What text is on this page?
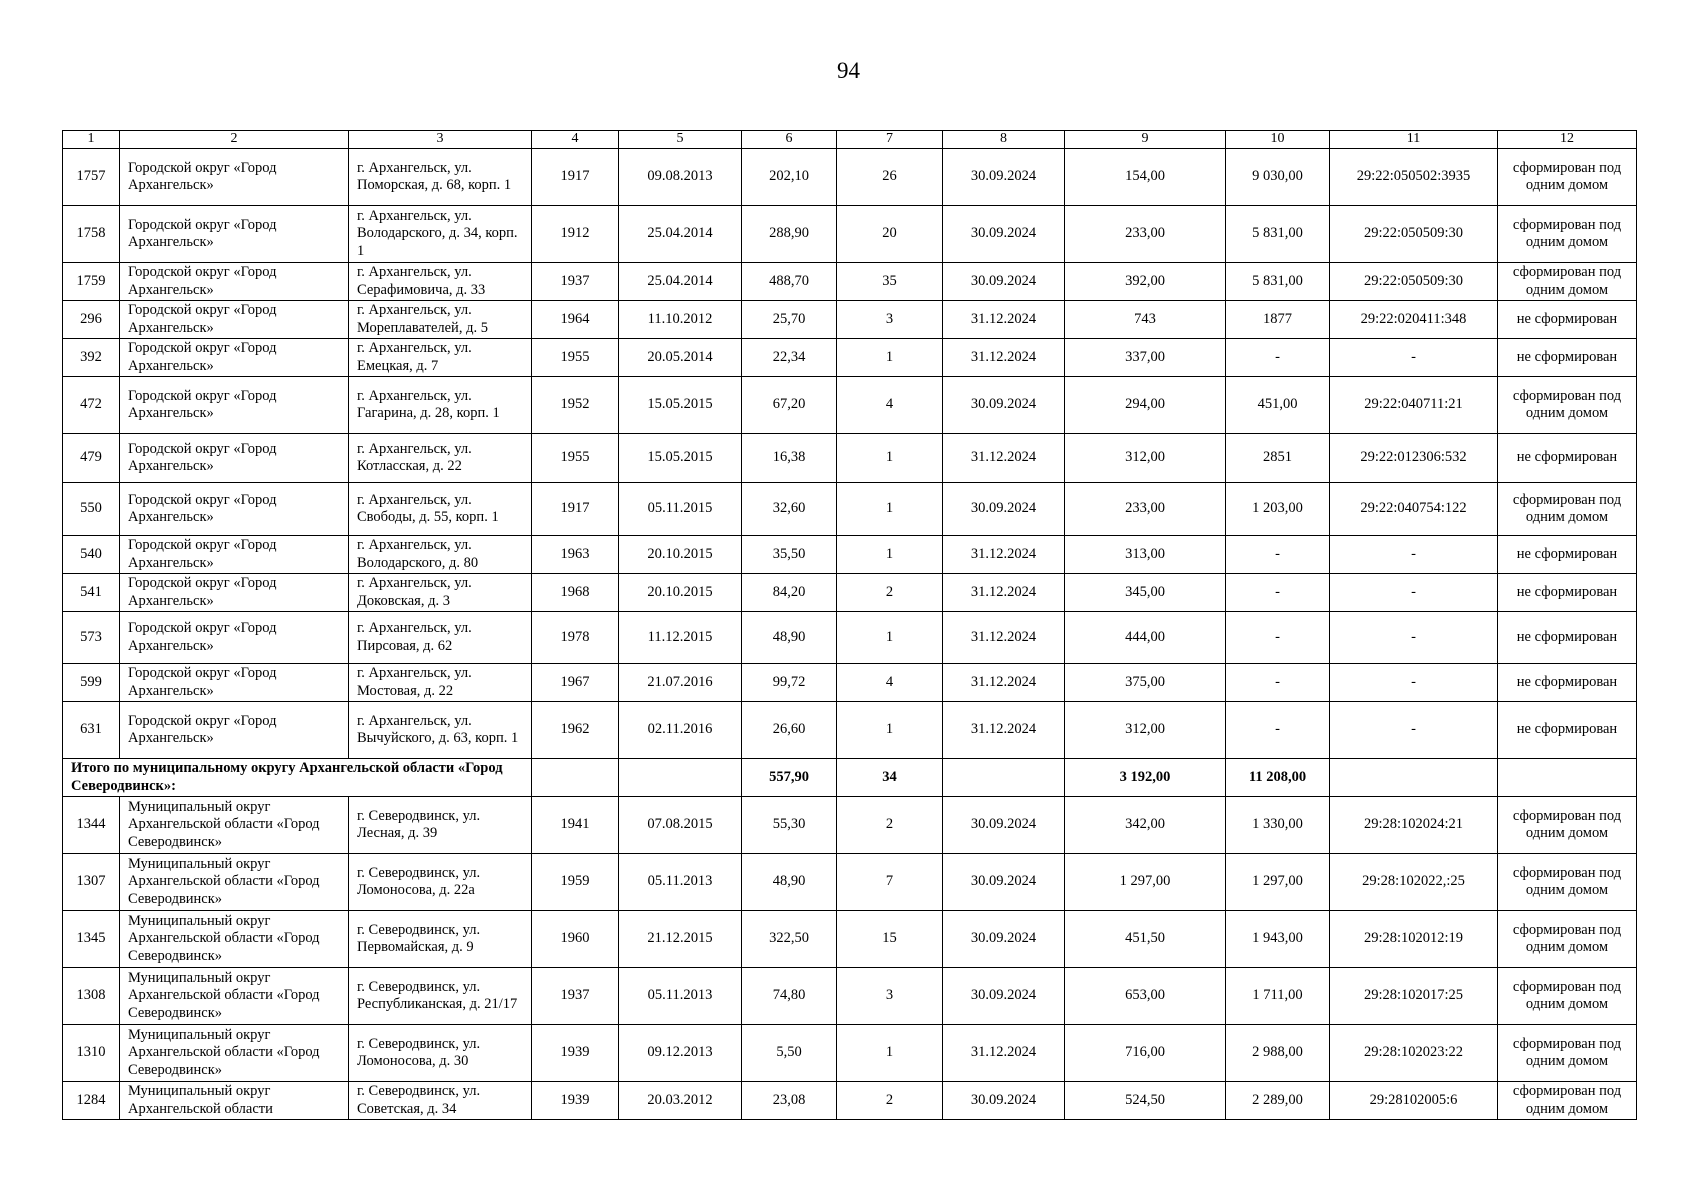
94
1	2	3	4	5	6	7	8	9	10	11	12
1757	Городской округ «Город Архангельск»	г. Архангельск, ул. Поморская, д. 68, корп. 1	1917	09.08.2013	202,10	26	30.09.2024	154,00	9 030,00	29:22:050502:3935	сформирован под одним домом
1758	Городской округ «Город Архангельск»	г. Архангельск, ул. Володарского, д. 34, корп. 1	1912	25.04.2014	288,90	20	30.09.2024	233,00	5 831,00	29:22:050509:30	сформирован под одним домом
1759	Городской округ «Город Архангельск»	г. Архангельск, ул. Серафимовича, д. 33	1937	25.04.2014	488,70	35	30.09.2024	392,00	5 831,00	29:22:050509:30	сформирован под одним домом
296	Городской округ «Город Архангельск»	г. Архангельск, ул. Мореплавателей, д. 5	1964	11.10.2012	25,70	3	31.12.2024	743	1877	29:22:020411:348	не сформирован
392	Городской округ «Город Архангельск»	г. Архангельск, ул. Емецкая, д. 7	1955	20.05.2014	22,34	1	31.12.2024	337,00	-	-	не сформирован
472	Городской округ «Город Архангельск»	г. Архангельск, ул. Гагарина, д. 28, корп. 1	1952	15.05.2015	67,20	4	30.09.2024	294,00	451,00	29:22:040711:21	сформирован под одним домом
479	Городской округ «Город Архангельск»	г. Архангельск, ул. Котласская, д. 22	1955	15.05.2015	16,38	1	31.12.2024	312,00	2851	29:22:012306:532	не сформирован
550	Городской округ «Город Архангельск»	г. Архангельск, ул. Свободы, д. 55, корп. 1	1917	05.11.2015	32,60	1	30.09.2024	233,00	1 203,00	29:22:040754:122	сформирован под одним домом
540	Городской округ «Город Архангельск»	г. Архангельск, ул. Володарского, д. 80	1963	20.10.2015	35,50	1	31.12.2024	313,00	-	-	не сформирован
541	Городской округ «Город Архангельск»	г. Архангельск, ул. Доковская, д. 3	1968	20.10.2015	84,20	2	31.12.2024	345,00	-	-	не сформирован
573	Городской округ «Город Архангельск»	г. Архангельск, ул. Пирсовая, д. 62	1978	11.12.2015	48,90	1	31.12.2024	444,00	-	-	не сформирован
599	Городской округ «Город Архангельск»	г. Архангельск, ул. Мостовая, д. 22	1967	21.07.2016	99,72	4	31.12.2024	375,00	-	-	не сформирован
631	Городской округ «Город Архангельск»	г. Архангельск, ул. Вычуйского, д. 63, корп. 1	1962	02.11.2016	26,60	1	31.12.2024	312,00	-	-	не сформирован
Итого по муниципальному округу Архангельской области «Город Северодвинск»:					557,90	34		3 192,00	11 208,00		
1344	Муниципальный округ Архангельской области «Город Северодвинск»	г. Северодвинск, ул. Лесная, д. 39	1941	07.08.2015	55,30	2	30.09.2024	342,00	1 330,00	29:28:102024:21	сформирован под одним домом
1307	Муниципальный округ Архангельской области «Город Северодвинск»	г. Северодвинск, ул. Ломоносова, д. 22а	1959	05.11.2013	48,90	7	30.09.2024	1 297,00	1 297,00	29:28:102022,:25	сформирован под одним домом
1345	Муниципальный округ Архангельской области «Город Северодвинск»	г. Северодвинск, ул. Первомайская, д. 9	1960	21.12.2015	322,50	15	30.09.2024	451,50	1 943,00	29:28:102012:19	сформирован под одним домом
1308	Муниципальный округ Архангельской области «Город Северодвинск»	г. Северодвинск, ул. Республиканская, д. 21/17	1937	05.11.2013	74,80	3	30.09.2024	653,00	1 711,00	29:28:102017:25	сформирован под одним домом
1310	Муниципальный округ Архангельской области «Город Северодвинск»	г. Северодвинск, ул. Ломоносова, д. 30	1939	09.12.2013	5,50	1	31.12.2024	716,00	2 988,00	29:28:102023:22	сформирован под одним домом
1284	Муниципальный округ Архангельской области	г. Северодвинск, ул. Советская, д. 34	1939	20.03.2012	23,08	2	30.09.2024	524,50	2 289,00	29:28102005:6	сформирован под одним домом
